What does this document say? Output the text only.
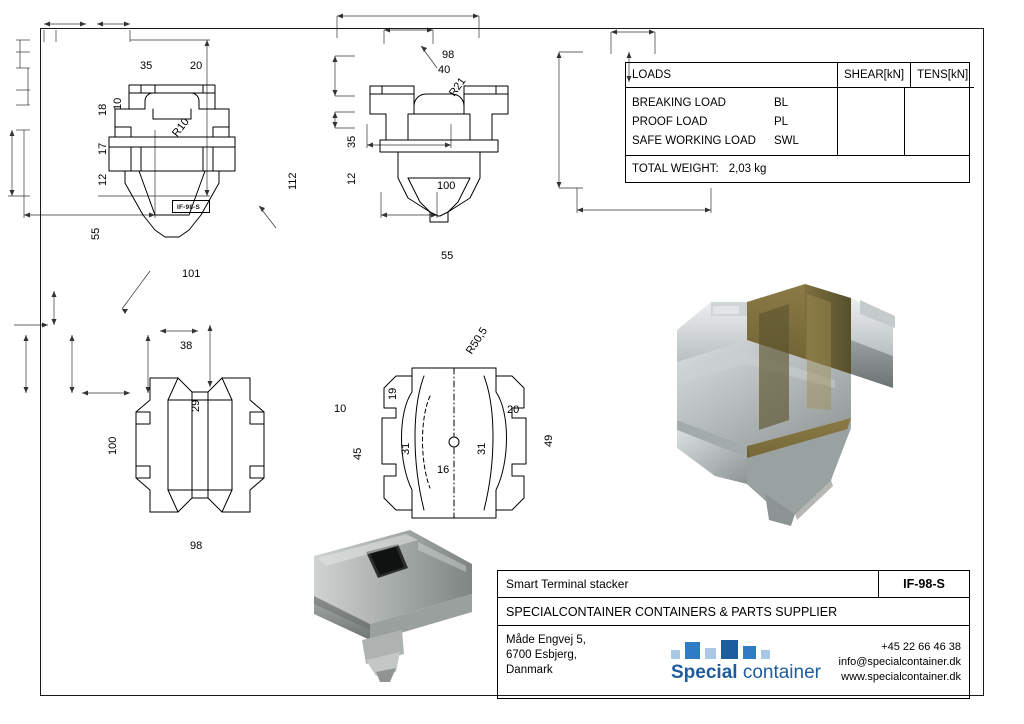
IF-98-S

35	20
101
10
18
17
12
55
112
R10

98
40
100
55
35
12
R21

38
98
29
100
19
10
45	31	31
16
20
49
R50,5
LOADS	SHEAR[kN]	TENS[kN]
BREAKING LOAD	BL
PROOF LOAD	PL
SAFE WORKING LOAD	SWL
TOTAL WEIGHT: 2,03 kg
Smart Terminal stacker	IF-98-S
SPECIALCONTAINER CONTAINERS & PARTS SUPPLIER
Måde Engvej 5,
6700 Esbjerg,
Danmark	Special container
+45 22 66 46 38
info@specialcontainer.dk
www.specialcontainer.dk
